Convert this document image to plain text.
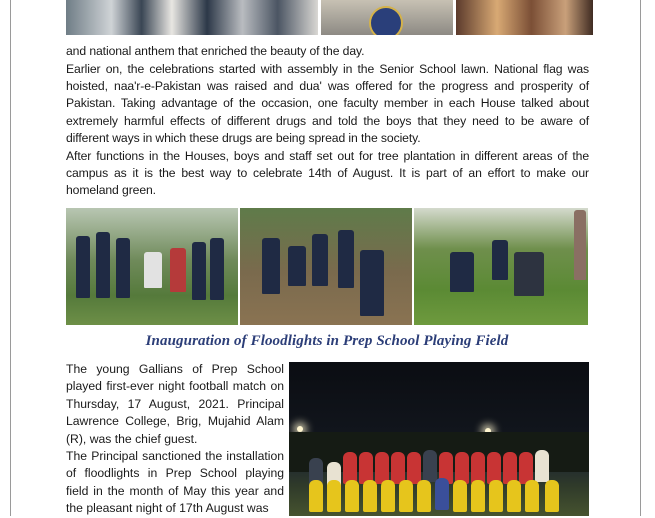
and national anthem that enriched the beauty of the day.

Earlier on, the celebrations started with assembly in the Senior School lawn. National flag was hoisted, naa'r-e-Pakistan was raised and dua' was offered for the progress and prosperity of Pakistan. Taking advantage of the occasion, one faculty member in each House talked about extremely harmful effects of different drugs and told the boys that they need to be aware of different ways in which these drugs are being spread in the society.

After functions in the Houses, boys and staff set out for tree plantation in different areas of the campus as it is the best way to celebrate 14th of August. It is part of an effort to make our homeland green.

Inauguration of Floodlights in Prep School Playing Field

The young Gallians of Prep School played first-ever night football match on Thursday, 17 August, 2021. Principal Lawrence College, Brig, Mujahid Alam (R), was the chief guest.

The Principal sanctioned the installation of floodlights in Prep School playing field in the month of May this year and the pleasant night of 17th August was
